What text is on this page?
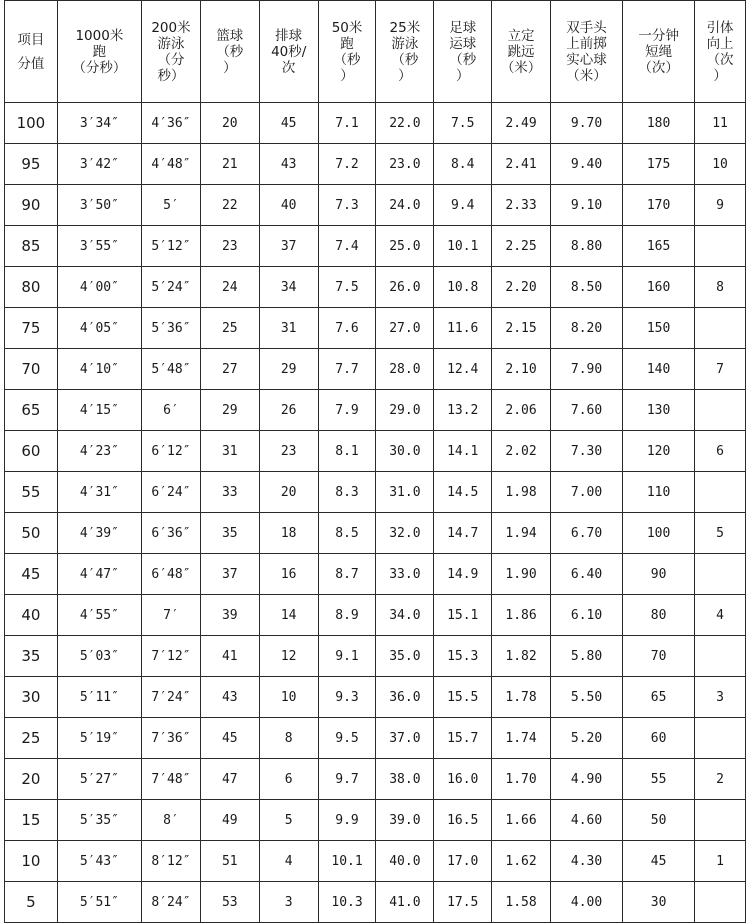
项目
分值	1000米
跑
（分秒）	200米
游泳
（分
秒）	篮球
（秒
）	排球
40秒/
次	50米
跑
（秒
）	25米
游泳
（秒
）	足球
运球
（秒
）	立定
跳远
（米）	双手头
上前掷
实心球
（米）	一分钟
短绳
（次）	引体
向上
（次
）
100	3′34″	4′36″	20	45	7.1	22.0	7.5	2.49	9.70	180	11
95	3′42″	4′48″	21	43	7.2	23.0	8.4	2.41	9.40	175	10
90	3′50″	5′	22	40	7.3	24.0	9.4	2.33	9.10	170	9
85	3′55″	5′12″	23	37	7.4	25.0	10.1	2.25	8.80	165	
80	4′00″	5′24″	24	34	7.5	26.0	10.8	2.20	8.50	160	8
75	4′05″	5′36″	25	31	7.6	27.0	11.6	2.15	8.20	150	
70	4′10″	5′48″	27	29	7.7	28.0	12.4	2.10	7.90	140	7
65	4′15″	6′	29	26	7.9	29.0	13.2	2.06	7.60	130	
60	4′23″	6′12″	31	23	8.1	30.0	14.1	2.02	7.30	120	6
55	4′31″	6′24″	33	20	8.3	31.0	14.5	1.98	7.00	110	
50	4′39″	6′36″	35	18	8.5	32.0	14.7	1.94	6.70	100	5
45	4′47″	6′48″	37	16	8.7	33.0	14.9	1.90	6.40	90	
40	4′55″	7′	39	14	8.9	34.0	15.1	1.86	6.10	80	4
35	5′03″	7′12″	41	12	9.1	35.0	15.3	1.82	5.80	70	
30	5′11″	7′24″	43	10	9.3	36.0	15.5	1.78	5.50	65	3
25	5′19″	7′36″	45	8	9.5	37.0	15.7	1.74	5.20	60	
20	5′27″	7′48″	47	6	9.7	38.0	16.0	1.70	4.90	55	2
15	5′35″	8′	49	5	9.9	39.0	16.5	1.66	4.60	50	
10	5′43″	8′12″	51	4	10.1	40.0	17.0	1.62	4.30	45	1
5	5′51″	8′24″	53	3	10.3	41.0	17.5	1.58	4.00	30	
